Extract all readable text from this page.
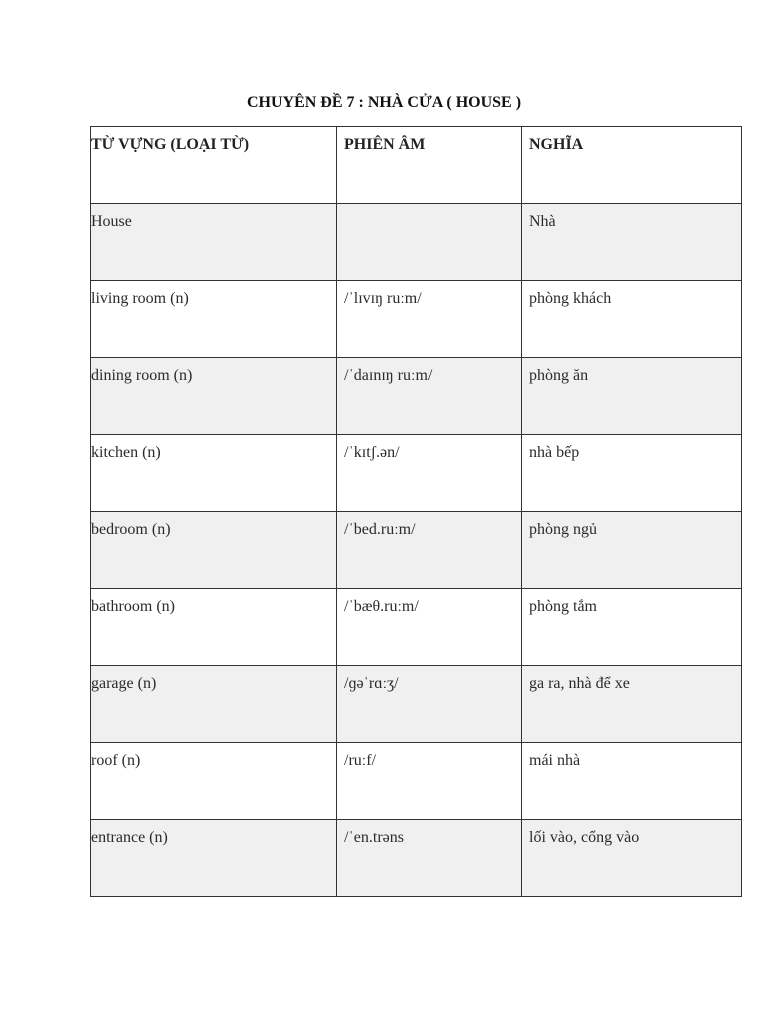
CHUYÊN ĐỀ 7 : NHÀ CỬA ( HOUSE )
TỪ VỰNG (LOẠI TỪ)	PHIÊN ÂM	NGHĨA
House		Nhà
living room (n)	/ˈlɪvɪŋ ruːm/	phòng khách
dining room (n)	/ˈdaɪnɪŋ ruːm/	phòng ăn
kitchen (n)	/ˈkɪtʃ.ən/	nhà bếp
bedroom (n)	/ˈbed.ruːm/	phòng ngủ
bathroom (n)	/ˈbæθ.ruːm/	phòng tắm
garage (n)	/ɡəˈrɑːʒ/	ga ra, nhà để xe
roof (n)	/ruːf/	mái nhà
entrance (n)	/ˈen.trəns	lối vào, cổng vào
